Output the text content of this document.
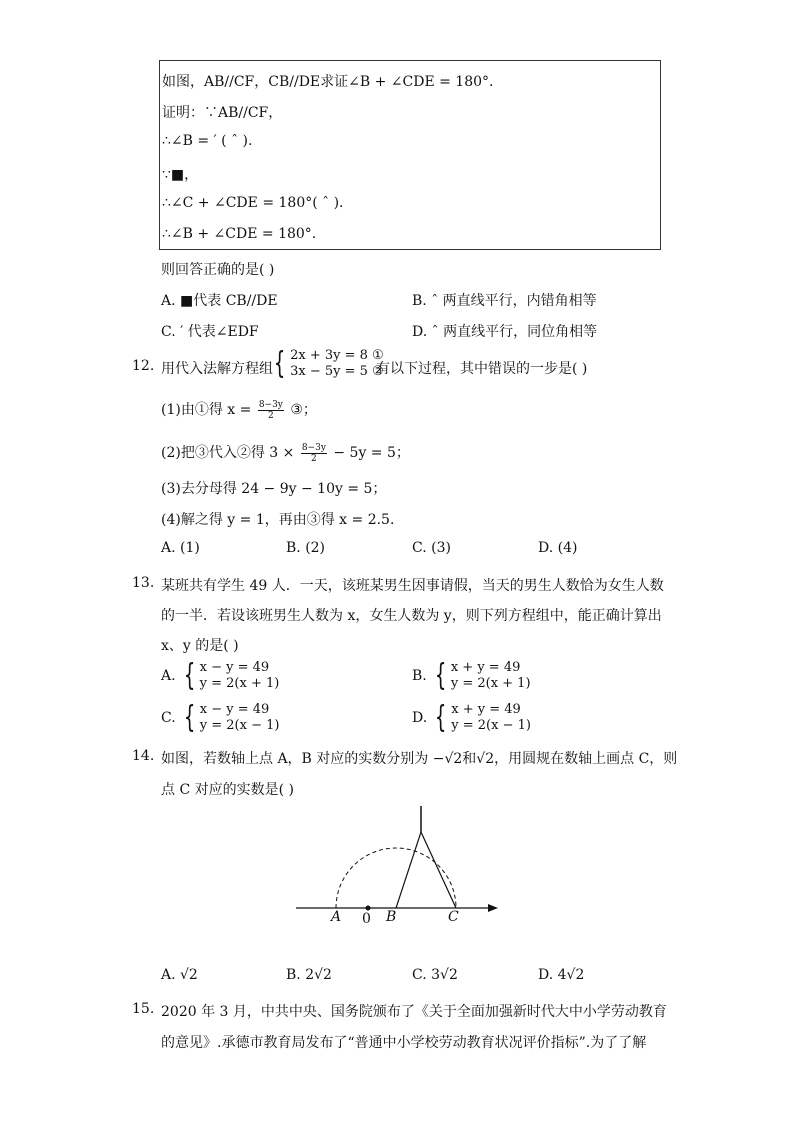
如图，AB//CF，CB//DE求证∠B + ∠CDE = 180°.
证明：∵AB//CF，
∴∠B = ′ ( ˆ ).
∵■，
∴∠C + ∠CDE = 180°( ˆ ).
∴∠B + ∠CDE = 180°.
则回答正确的是( )
A. ■代表 CB//DE	B. ˆ 两直线平行，内错角相等
C. ′ 代表∠EDF	D. ˆ 两直线平行，同位角相等
12. 用代入法解方程组 { 2x + 3y = 8 ①
3x − 5y = 5 ②
有以下过程，其中错误的一步是( )
(1)由①得 $x = \frac{8-3y}{2}$ ③；
(2)把③代入②得 $3 \times \frac{8-3y}{2} - 5y = 5$；
(3)去分母得 24 − 9y − 10y = 5；
(4)解之得 y = 1，再由③得 x = 2.5.
A. (1)	B. (2)	C. (3)	D. (4)
13. 某班共有学生 49 人．一天，该班某男生因事请假，当天的男生人数恰为女生人数
的一半．若设该班男生人数为 x，女生人数为 y，则下列方程组中，能正确计算出
x、y 的是( )
A. { x − y = 49
y = 2(x + 1)	B. { x + y = 49
y = 2(x + 1)
C. { x − y = 49
y = 2(x − 1)	D. { x + y = 49
y = 2(x − 1)
14. 如图，若数轴上点 A，B 对应的实数分别为 −√2和√2，用圆规在数轴上画点 C，则
点 C 对应的实数是( )
A 0 B	C
A. √2	B. 2√2	C. 3√2	D. 4√2
15. 2020 年 3 月，中共中央、国务院颁布了《关于全面加强新时代大中小学劳动教育
的意见》.承德市教育局发布了“普通中小学校劳动教育状况评价指标”.为了了解
